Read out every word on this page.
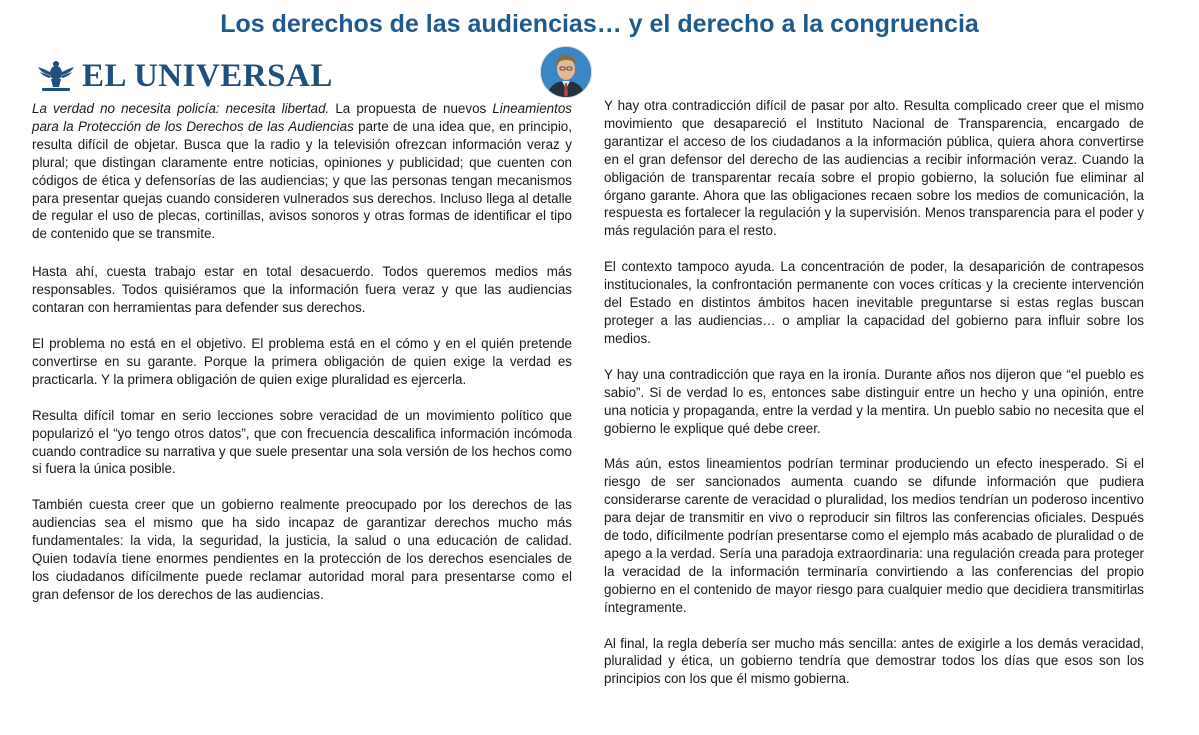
Los derechos de las audiencias… y el derecho a la congruencia
EL UNIVERSAL

La verdad no necesita policía: necesita libertad. La propuesta de nuevos Lineamientos para la Protección de los Derechos de las Audiencias parte de una idea que, en principio, resulta difícil de objetar. Busca que la radio y la televisión ofrezcan información veraz y plural; que distingan claramente entre noticias, opiniones y publicidad; que cuenten con códigos de ética y defensorías de las audiencias; y que las personas tengan mecanismos para presentar quejas cuando consideren vulnerados sus derechos. Incluso llega al detalle de regular el uso de plecas, cortinillas, avisos sonoros y otras formas de identificar el tipo de contenido que se transmite.

Hasta ahí, cuesta trabajo estar en total desacuerdo. Todos queremos medios más responsables. Todos quisiéramos que la información fuera veraz y que las audiencias contaran con herramientas para defender sus derechos.

El problema no está en el objetivo. El problema está en el cómo y en el quién pretende convertirse en su garante. Porque la primera obligación de quien exige la verdad es practicarla. Y la primera obligación de quien exige pluralidad es ejercerla.

Resulta difícil tomar en serio lecciones sobre veracidad de un movimiento político que popularizó el “yo tengo otros datos”, que con frecuencia descalifica información incómoda cuando contradice su narrativa y que suele presentar una sola versión de los hechos como si fuera la única posible.

También cuesta creer que un gobierno realmente preocupado por los derechos de las audiencias sea el mismo que ha sido incapaz de garantizar derechos mucho más fundamentales: la vida, la seguridad, la justicia, la salud o una educación de calidad. Quien todavía tiene enormes pendientes en la protección de los derechos esenciales de los ciudadanos difícilmente puede reclamar autoridad moral para presentarse como el gran defensor de los derechos de las audiencias.

Y hay otra contradicción difícil de pasar por alto. Resulta complicado creer que el mismo movimiento que desapareció el Instituto Nacional de Transparencia, encargado de garantizar el acceso de los ciudadanos a la información pública, quiera ahora convertirse en el gran defensor del derecho de las audiencias a recibir información veraz. Cuando la obligación de transparentar recaía sobre el propio gobierno, la solución fue eliminar al órgano garante. Ahora que las obligaciones recaen sobre los medios de comunicación, la respuesta es fortalecer la regulación y la supervisión. Menos transparencia para el poder y más regulación para el resto.

El contexto tampoco ayuda. La concentración de poder, la desaparición de contrapesos institucionales, la confrontación permanente con voces críticas y la creciente intervención del Estado en distintos ámbitos hacen inevitable preguntarse si estas reglas buscan proteger a las audiencias… o ampliar la capacidad del gobierno para influir sobre los medios.

Y hay una contradicción que raya en la ironía. Durante años nos dijeron que “el pueblo es sabio”. Si de verdad lo es, entonces sabe distinguir entre un hecho y una opinión, entre una noticia y propaganda, entre la verdad y la mentira. Un pueblo sabio no necesita que el gobierno le explique qué debe creer.

Más aún, estos lineamientos podrían terminar produciendo un efecto inesperado. Si el riesgo de ser sancionados aumenta cuando se difunde información que pudiera considerarse carente de veracidad o pluralidad, los medios tendrían un poderoso incentivo para dejar de transmitir en vivo o reproducir sin filtros las conferencias oficiales. Después de todo, difícilmente podrían presentarse como el ejemplo más acabado de pluralidad o de apego a la verdad. Sería una paradoja extraordinaria: una regulación creada para proteger la veracidad de la información terminaría convirtiendo a las conferencias del propio gobierno en el contenido de mayor riesgo para cualquier medio que decidiera transmitirlas íntegramente.

Al final, la regla debería ser mucho más sencilla: antes de exigirle a los demás veracidad, pluralidad y ética, un gobierno tendría que demostrar todos los días que esos son los principios con los que él mismo gobierna.
